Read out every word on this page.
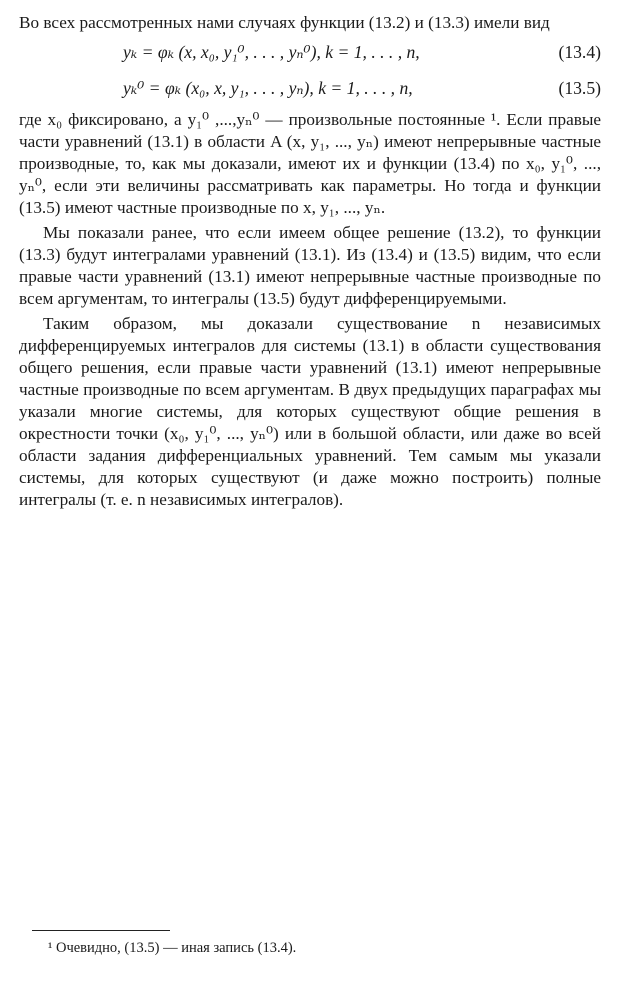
Во всех рассмотренных нами случаях функции (13.2) и (13.3) имели вид

yₖ = φₖ (x, x₀, y₁⁰, . . . , yₙ⁰), k = 1, . . . , n,	(13.4)
yₖ⁰ = φₖ (x₀, x, y₁, . . . , yₙ), k = 1, . . . , n,	(13.5)

где x₀ фиксировано, а y₁⁰ ,...,yₙ⁰ — произвольные постоянные ¹. Если правые части уравнений (13.1) в области A (x, y₁, ..., yₙ) имеют непрерывные частные производные, то, как мы доказали, имеют их и функции (13.4) по x₀, y₁⁰, ..., yₙ⁰, если эти величины рассматривать как параметры. Но тогда и функции (13.5) имеют частные производные по x, y₁, ..., yₙ.

Мы показали ранее, что если имеем общее решение (13.2), то функции (13.3) будут интегралами уравнений (13.1). Из (13.4) и (13.5) видим, что если правые части уравнений (13.1) имеют непрерывные частные производные по всем аргументам, то интегралы (13.5) будут дифференцируемыми.

Таким образом, мы доказали существование n независимых дифференцируемых интегралов для системы (13.1) в области существования общего решения, если правые части уравнений (13.1) имеют непрерывные частные производные по всем аргументам. В двух предыдущих параграфах мы указали многие системы, для которых существуют общие решения в окрестности точки (x₀, y₁⁰, ..., yₙ⁰) или в большой области, или даже во всей области задания дифференциальных уравнений. Тем самым мы указали системы, для которых существуют (и даже можно построить) полные интегралы (т. е. n независимых интегралов).

¹ Очевидно, (13.5) — иная запись (13.4).
